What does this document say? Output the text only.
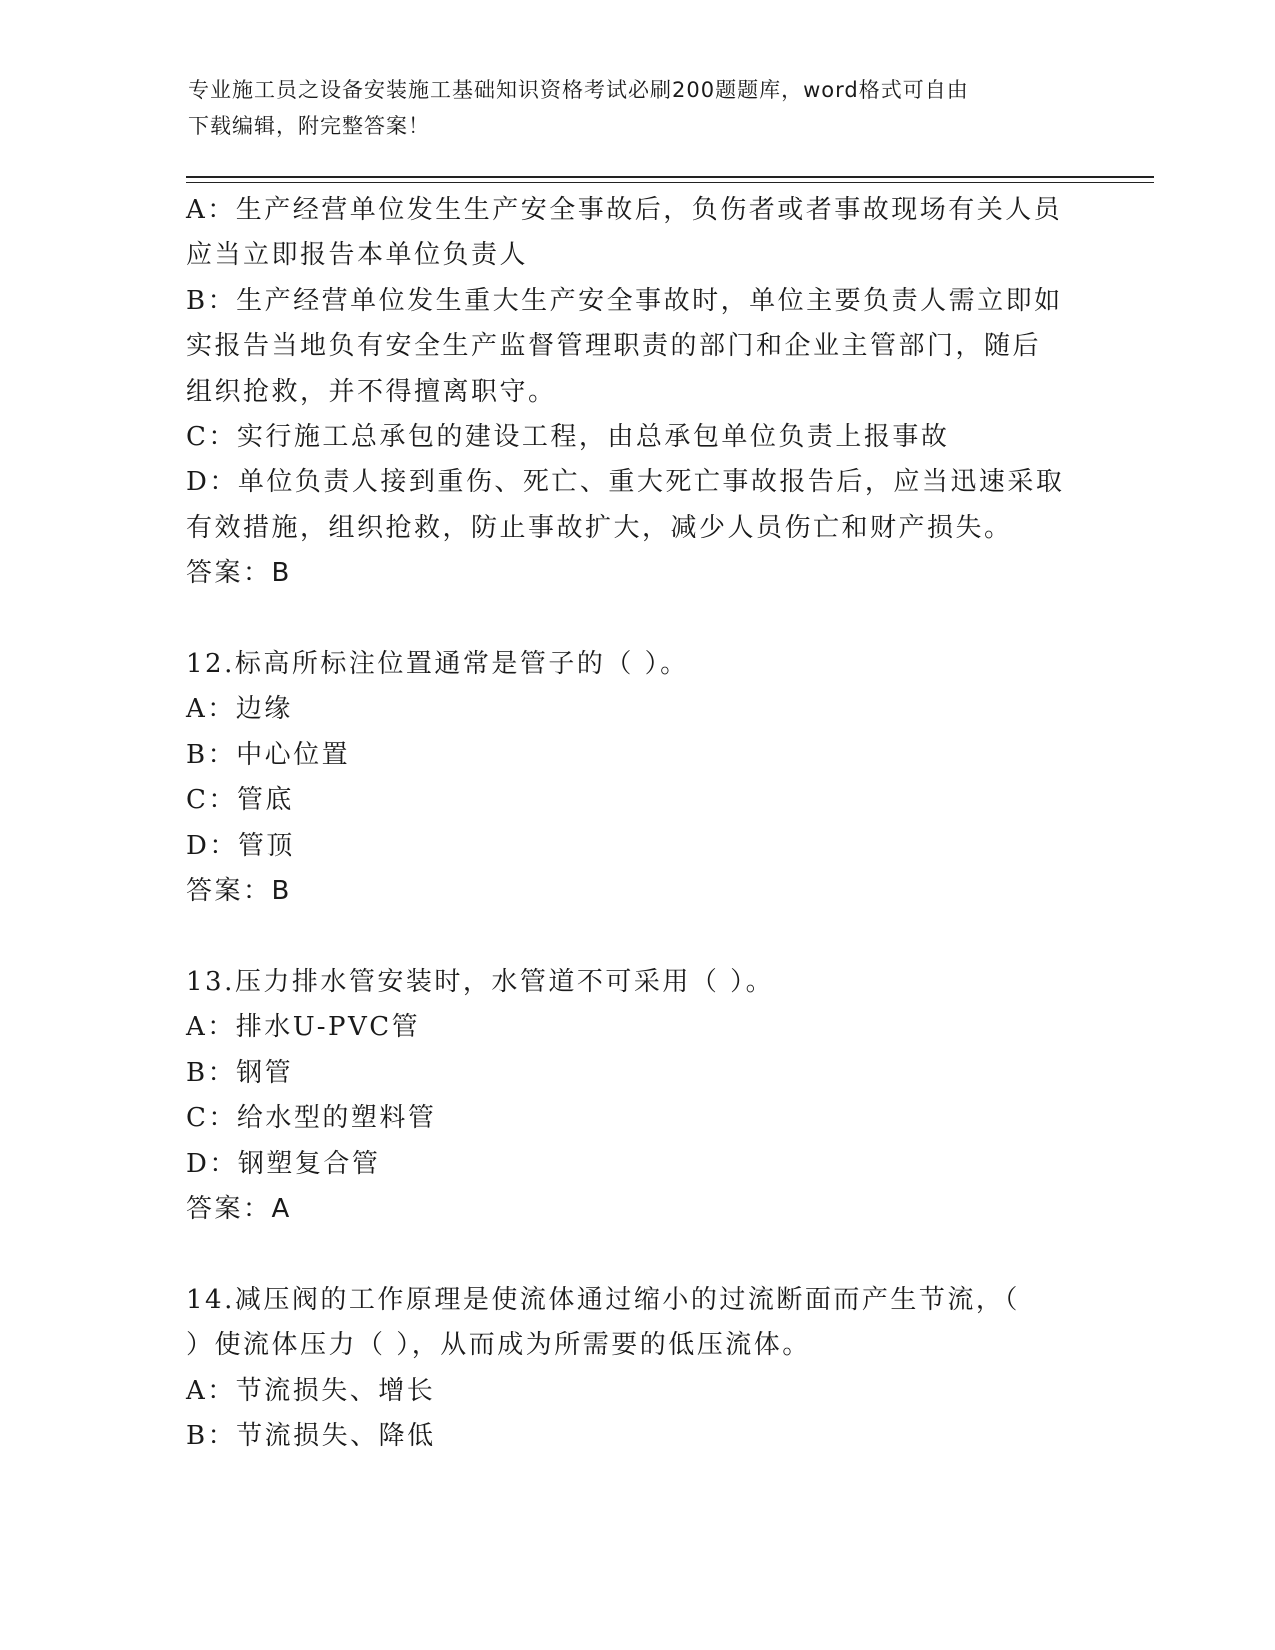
专业施工员之设备安装施工基础知识资格考试必刷200题题库，word格式可自由
下载编辑，附完整答案！
A：生产经营单位发生生产安全事故后，负伤者或者事故现场有关人员
应当立即报告本单位负责人
B：生产经营单位发生重大生产安全事故时，单位主要负责人需立即如
实报告当地负有安全生产监督管理职责的部门和企业主管部门，随后
组织抢救，并不得擅离职守。
C：实行施工总承包的建设工程，由总承包单位负责上报事故
D：单位负责人接到重伤、死亡、重大死亡事故报告后，应当迅速采取
有效措施，组织抢救，防止事故扩大，减少人员伤亡和财产损失。
答案：B
12.标高所标注位置通常是管子的（ ）。
A：边缘
B：中心位置
C：管底
D：管顶
答案：B
13.压力排水管安装时，水管道不可采用（ ）。
A：排水U-PVC管
B：钢管
C：给水型的塑料管
D：钢塑复合管
答案：A
14.减压阀的工作原理是使流体通过缩小的过流断面而产生节流，（
）使流体压力（ ），从而成为所需要的低压流体。
A：节流损失、增长
B：节流损失、降低
